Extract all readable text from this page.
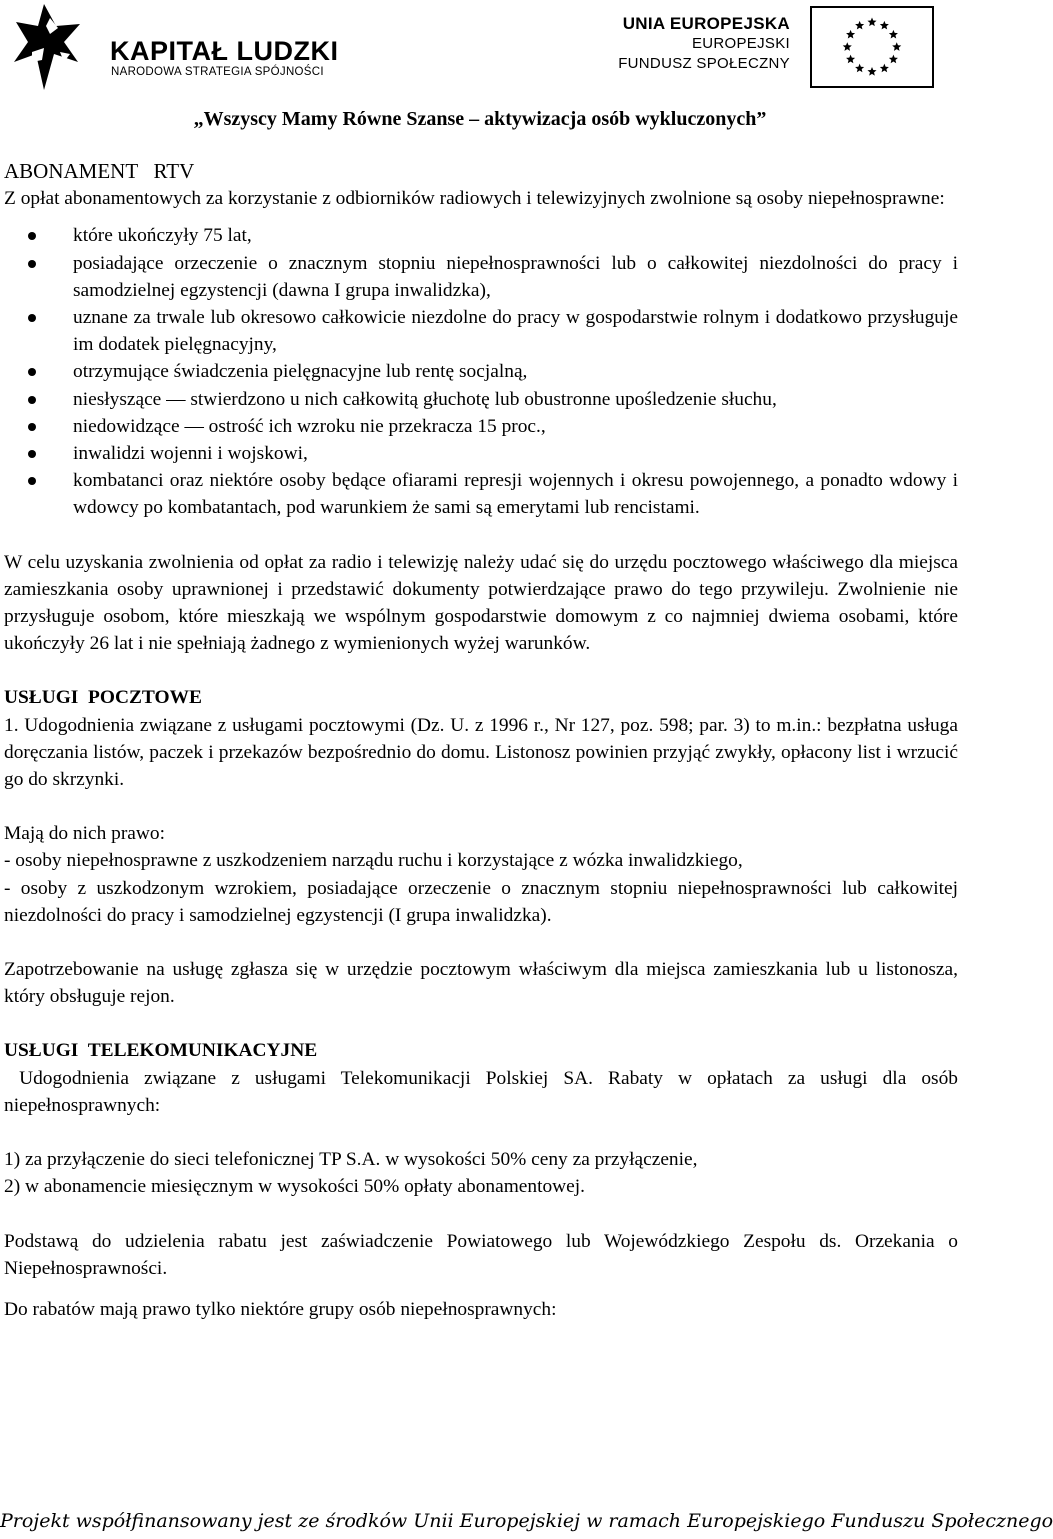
KAPITAŁ LUDZKI
NARODOWA STRATEGIA SPÓJNOŚCI
UNIA EUROPEJSKA
EUROPEJSKI
FUNDUSZ SPOŁECZNY
„Wszyscy Mamy Równe Szanse – aktywizacja osób wykluczonych”

ABONAMENT   RTV

Z opłat abonamentowych za korzystanie z odbiorników radiowych i telewizyjnych zwolnione są osoby niepełnosprawne:

które ukończyły 75 lat,
posiadające orzeczenie o znacznym stopniu niepełnosprawności lub o całkowitej niezdolności do pracy i samodzielnej egzystencji (dawna I grupa inwalidzka),
uznane za trwale lub okresowo całkowicie niezdolne do pracy w gospodarstwie rolnym i dodatkowo przysługuje im dodatek pielęgnacyjny,
otrzymujące świadczenia pielęgnacyjne lub rentę socjalną,
niesłyszące — stwierdzono u nich całkowitą głuchotę lub obustronne upośledzenie słuchu,
niedowidzące — ostrość ich wzroku nie przekracza 15 proc.,
inwalidzi wojenni i wojskowi,
kombatanci oraz niektóre osoby będące ofiarami represji wojennych i okresu powojennego, a ponadto wdowy i wdowcy po kombatantach, pod warunkiem że sami są emerytami lub rencistami.

W celu uzyskania zwolnienia od opłat za radio i telewizję należy udać się do urzędu pocztowego właściwego dla miejsca zamieszkania osoby uprawnionej i przedstawić dokumenty potwierdzające prawo do tego przywileju. Zwolnienie nie przysługuje osobom, które mieszkają we wspólnym gospodarstwie domowym z co najmniej dwiema osobami, które ukończyły 26 lat i nie spełniają żadnego z wymienionych wyżej warunków.

USŁUGI  POCZTOWE

1. Udogodnienia związane z usługami pocztowymi (Dz. U. z 1996 r., Nr 127, poz. 598; par. 3) to m.in.: bezpłatna usługa doręczania listów, paczek i przekazów bezpośrednio do domu. Listonosz powinien przyjąć zwykły, opłacony list i wrzucić go do skrzynki.

Mają do nich prawo:

- osoby niepełnosprawne z uszkodzeniem narządu ruchu i korzystające z wózka inwalidzkiego,

- osoby z uszkodzonym wzrokiem, posiadające orzeczenie o znacznym stopniu niepełnosprawności lub całkowitej niezdolności do pracy i samodzielnej egzystencji (I grupa inwalidzka).

Zapotrzebowanie na usługę zgłasza się w urzędzie pocztowym właściwym dla miejsca zamieszkania lub u listonosza, który obsługuje rejon.

USŁUGI  TELEKOMUNIKACYJNE

Udogodnienia związane z usługami Telekomunikacji Polskiej SA. Rabaty w opłatach za usługi dla osób niepełnosprawnych:

1) za przyłączenie do sieci telefonicznej TP S.A. w wysokości 50% ceny za przyłączenie,

2) w abonamencie miesięcznym w wysokości 50% opłaty abonamentowej.

Podstawą do udzielenia rabatu jest zaświadczenie Powiatowego lub Wojewódzkiego Zespołu ds. Orzekania o Niepełnosprawności.

Do rabatów mają prawo tylko niektóre grupy osób niepełnosprawnych:

Projekt współfinansowany jest ze środków Unii Europejskiej w ramach Europejskiego Funduszu Społecznego
